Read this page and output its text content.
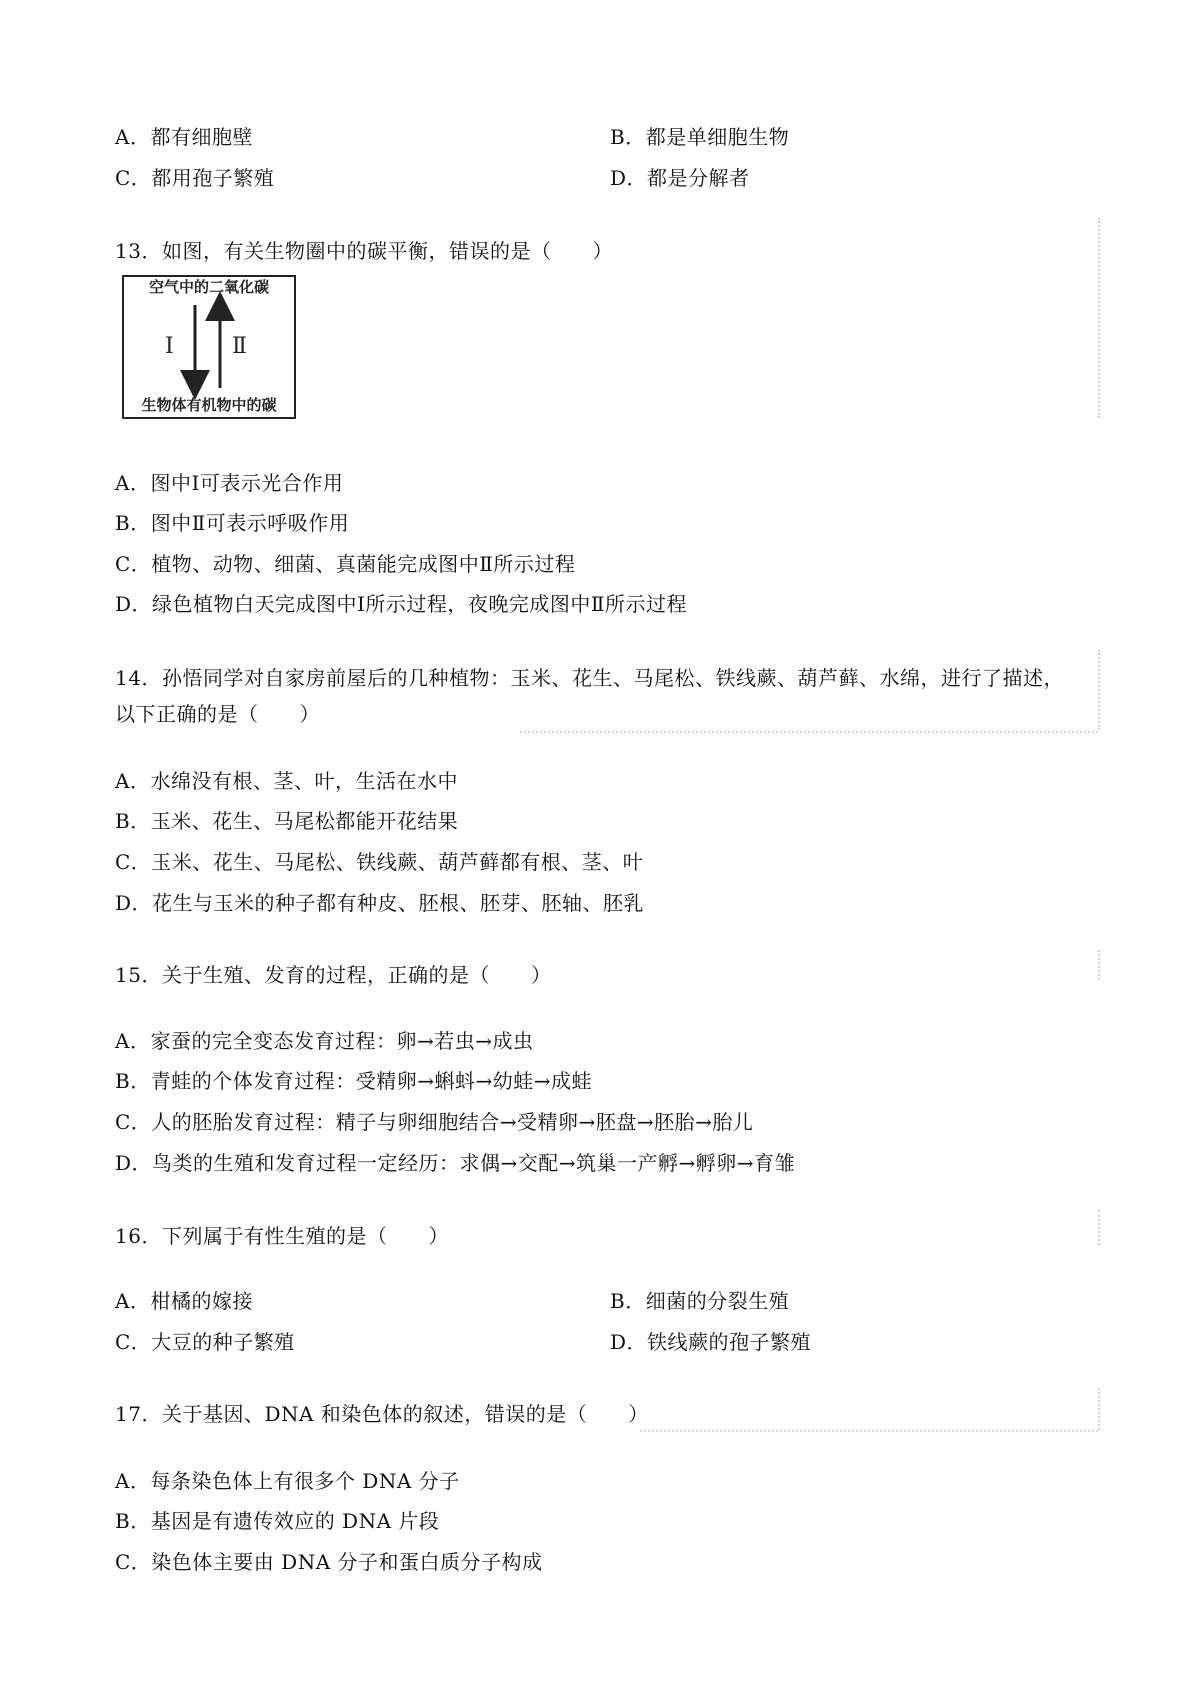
A．都有细胞壁	B．都是单细胞生物
C．都用孢子繁殖	D．都是分解者
13．如图，有关生物圈中的碳平衡，错误的是（　　）
空气中的二氧化碳
生物体有机物中的碳
Ⅰ	Ⅱ
A．图中Ⅰ可表示光合作用
B．图中Ⅱ可表示呼吸作用
C．植物、动物、细菌、真菌能完成图中Ⅱ所示过程
D．绿色植物白天完成图中Ⅰ所示过程，夜晚完成图中Ⅱ所示过程
14．孙悟同学对自家房前屋后的几种植物：玉米、花生、马尾松、铁线蕨、葫芦藓、水绵，进行了描述，
以下正确的是（　　）
A．水绵没有根、茎、叶，生活在水中
B．玉米、花生、马尾松都能开花结果
C．玉米、花生、马尾松、铁线蕨、葫芦藓都有根、茎、叶
D．花生与玉米的种子都有种皮、胚根、胚芽、胚轴、胚乳
15．关于生殖、发育的过程，正确的是（　　）
A．家蚕的完全变态发育过程：卵→若虫→成虫
B．青蛙的个体发育过程：受精卵→蝌蚪→幼蛙→成蛙
C．人的胚胎发育过程：精子与卵细胞结合→受精卵→胚盘→胚胎→胎儿
D．鸟类的生殖和发育过程一定经历：求偶→交配→筑巢一产孵→孵卵→育雏
16．下列属于有性生殖的是（　　）
A．柑橘的嫁接	B．细菌的分裂生殖
C．大豆的种子繁殖	D．铁线蕨的孢子繁殖
17．关于基因、DNA 和染色体的叙述，错误的是（　　）
A．每条染色体上有很多个 DNA 分子
B．基因是有遗传效应的 DNA 片段
C．染色体主要由 DNA 分子和蛋白质分子构成
